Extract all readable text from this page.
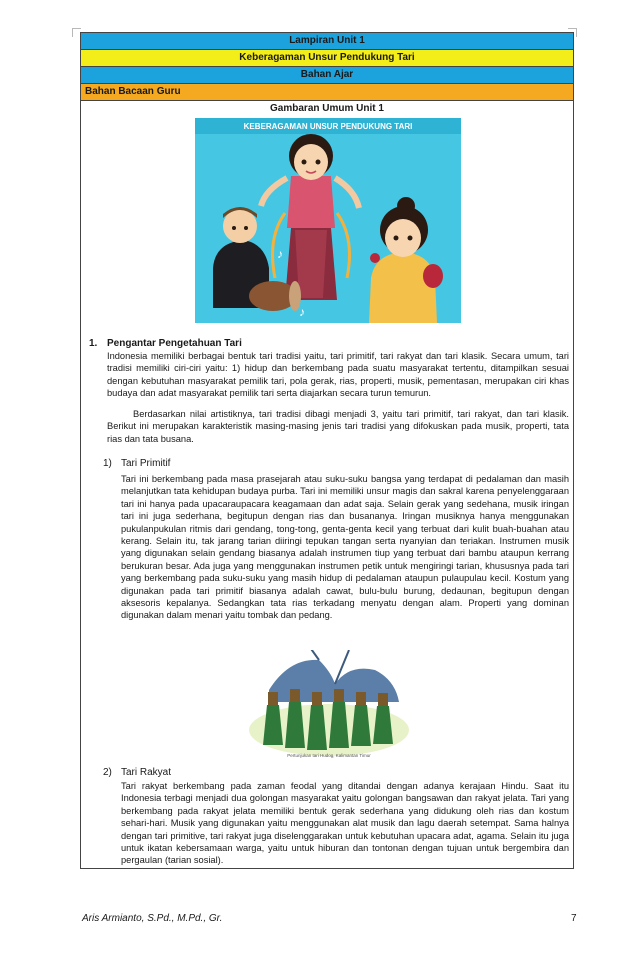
Lampiran Unit 1
Keberagaman Unsur Pendukung Tari
Bahan Ajar
Bahan Bacaan Guru
Gambaran Umum Unit 1
KEBERAGAMAN UNSUR PENDUKUNG TARI
♪
♪
1. Pengantar Pengetahuan Tari

Indonesia memiliki berbagai bentuk tari tradisi yaitu, tari primitif, tari rakyat dan tari klasik. Secara umum, tari tradisi memiliki ciri-ciri yaitu: 1) hidup dan berkembang pada suatu masyarakat tertentu, ditampilkan sesuai dengan kebutuhan masyarakat pemilik tari, pola gerak, rias, properti, musik, pementasan, merupakan ciri khas budaya dan adat masyarakat pemilik tari serta diajarkan secara turun temurun.

Berdasarkan nilai artistiknya, tari tradisi dibagi menjadi 3, yaitu tari primitif, tari rakyat, dan tari klasik. Berikut ini merupakan karakteristik masing-masing jenis tari tradisi yang difokuskan pada musik, properti, tata rias dan tata busana.

1) Tari Primitif

Tari ini berkembang pada masa prasejarah atau suku-suku bangsa yang terdapat di pedalaman dan masih melanjutkan tata kehidupan budaya purba. Tari ini memiliki unsur magis dan sakral karena penyelenggaraan tari ini hanya pada upacaraupacara keagamaan dan adat saja. Selain gerak yang sedehana, musik iringan tari ini juga sederhana, begitupun dengan rias dan busananya. Iringan musiknya hanya menggunakan pukulanpukulan ritmis dari gendang, tong-tong, genta-genta kecil yang terbuat dari kulit buah-buahan atau kerang. Selain itu, tak jarang tarian diiringi tepukan tangan serta nyanyian dan teriakan. Instrumen musik yang digunakan selain gendang biasanya adalah instrumen tiup yang terbuat dari bambu ataupun kerrang berukuran besar. Ada juga yang menggunakan instrumen petik untuk mengiringi tarian, khususnya pada tari yang berkembang pada suku-suku yang masih hidup di pedalaman ataupun pulaupulau kecil. Kostum yang digunakan pada tari primitif biasanya adalah cawat, bulu-bulu burung, dedaunan, begitupun dengan aksesoris kepalanya. Sedangkan tata rias terkadang menyatu dengan alam. Properti yang dominan digunakan dalam menari yaitu tombak dan pedang.

Pertunjukan tari Hudog, Kalimantan Timur
2) Tari Rakyat

Tari rakyat berkembang pada zaman feodal yang ditandai dengan adanya kerajaan Hindu. Saat itu Indonesia terbagi menjadi dua golongan masyarakat yaitu golongan bangsawan dan rakyat jelata. Tari yang berkembang pada rakyat jelata memiliki bentuk gerak sederhana yang didukung oleh rias dan kostum sehari-hari. Musik yang digunakan yaitu menggunakan alat musik dan lagu daerah setempat. Sama halnya dengan tari primitive, tari rakyat juga diselenggarakan untuk kebutuhan upacara adat, agama. Selain itu juga untuk ikatan kebersamaan warga, yaitu untuk hiburan dan tontonan dengan tujuan untuk bergembira dan pergaulan (tarian sosial).

Aris Armianto, S.Pd., M.Pd., Gr.	7
